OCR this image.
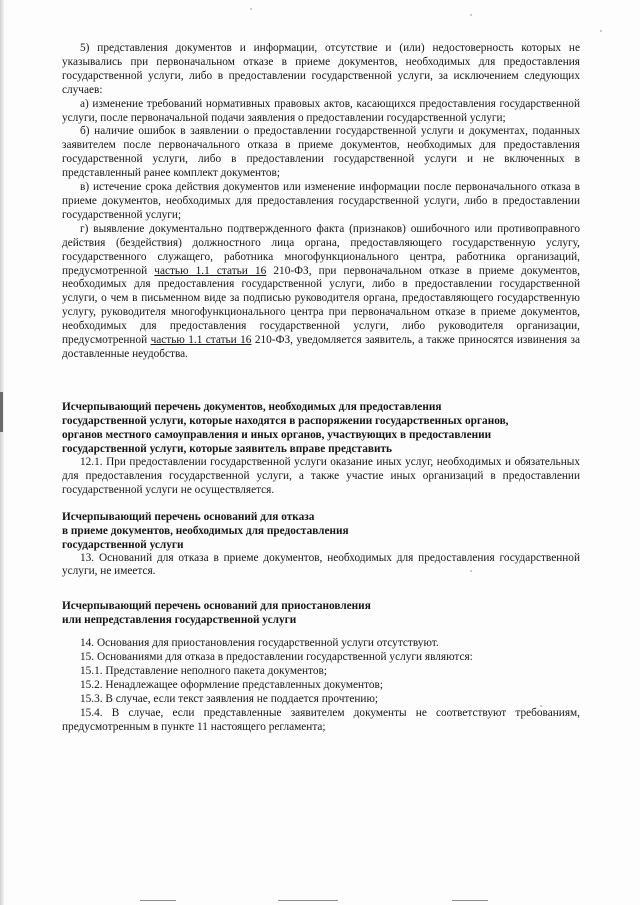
5) представления документов и информации, отсутствие и (или) недостоверность которых не указывались при первоначальном отказе в приеме документов, необходимых для предоставления государственной услуги, либо в предоставлении государственной услуги, за исключением следующих случаев:

а) изменение требований нормативных правовых актов, касающихся предоставления государственной услуги, после первоначальной подачи заявления о предоставлении государственной услуги;

б) наличие ошибок в заявлении о предоставлении государственной услуги и документах, поданных заявителем после первоначального отказа в приеме документов, необходимых для предоставления государственной услуги, либо в предоставлении государственной услуги и не включенных в представленный ранее комплект документов;

в) истечение срока действия документов или изменение информации после первоначального отказа в приеме документов, необходимых для предоставления государственной услуги, либо в предоставлении государственной услуги;

г) выявление документально подтвержденного факта (признаков) ошибочного или противоправного действия (бездействия) должностного лица органа, предоставляющего государственную услугу, государственного служащего, работника многофункционального центра, работника организаций, предусмотренной частью 1.1 статьи 16 210-ФЗ, при первоначальном отказе в приеме документов, необходимых для предоставления государственной услуги, либо в предоставлении государственной услуги, о чем в письменном виде за подписью руководителя органа, предоставляющего государственную услугу, руководителя многофункционального центра при первоначальном отказе в приеме документов, необходимых для предоставления государственной услуги, либо руководителя организации, предусмотренной частью 1.1 статьи 16 210-ФЗ, уведомляется заявитель, а также приносятся извинения за доставленные неудобства.

Исчерпывающий перечень документов, необходимых для предоставления

государственной услуги, которые находятся в распоряжении государственных органов,

органов местного самоуправления и иных органов, участвующих в предоставлении

государственной услуги, которые заявитель вправе представить

12.1. При предоставлении государственной услуги оказание иных услуг, необходимых и обязательных для предоставления государственной услуги, а также участие иных организаций в предоставлении государственной услуги не осуществляется.

Исчерпывающий перечень оснований для отказа

в приеме документов, необходимых для предоставления

государственной услуги

13. Оснований для отказа в приеме документов, необходимых для предоставления государственной услуги, не имеется.

Исчерпывающий перечень оснований для приостановления

или непредставления государственной услуги

14. Основания для приостановления государственной услуги отсутствуют.

15. Основаниями для отказа в предоставлении государственной услуги являются:

15.1. Представление неполного пакета документов;

15.2. Ненадлежащее оформление представленных документов;

15.3. В случае, если текст заявления не поддается прочтению;

15.4. В случае, если представленные заявителем документы не соответствуют требованиям, предусмотренным в пункте 11 настоящего регламента;
